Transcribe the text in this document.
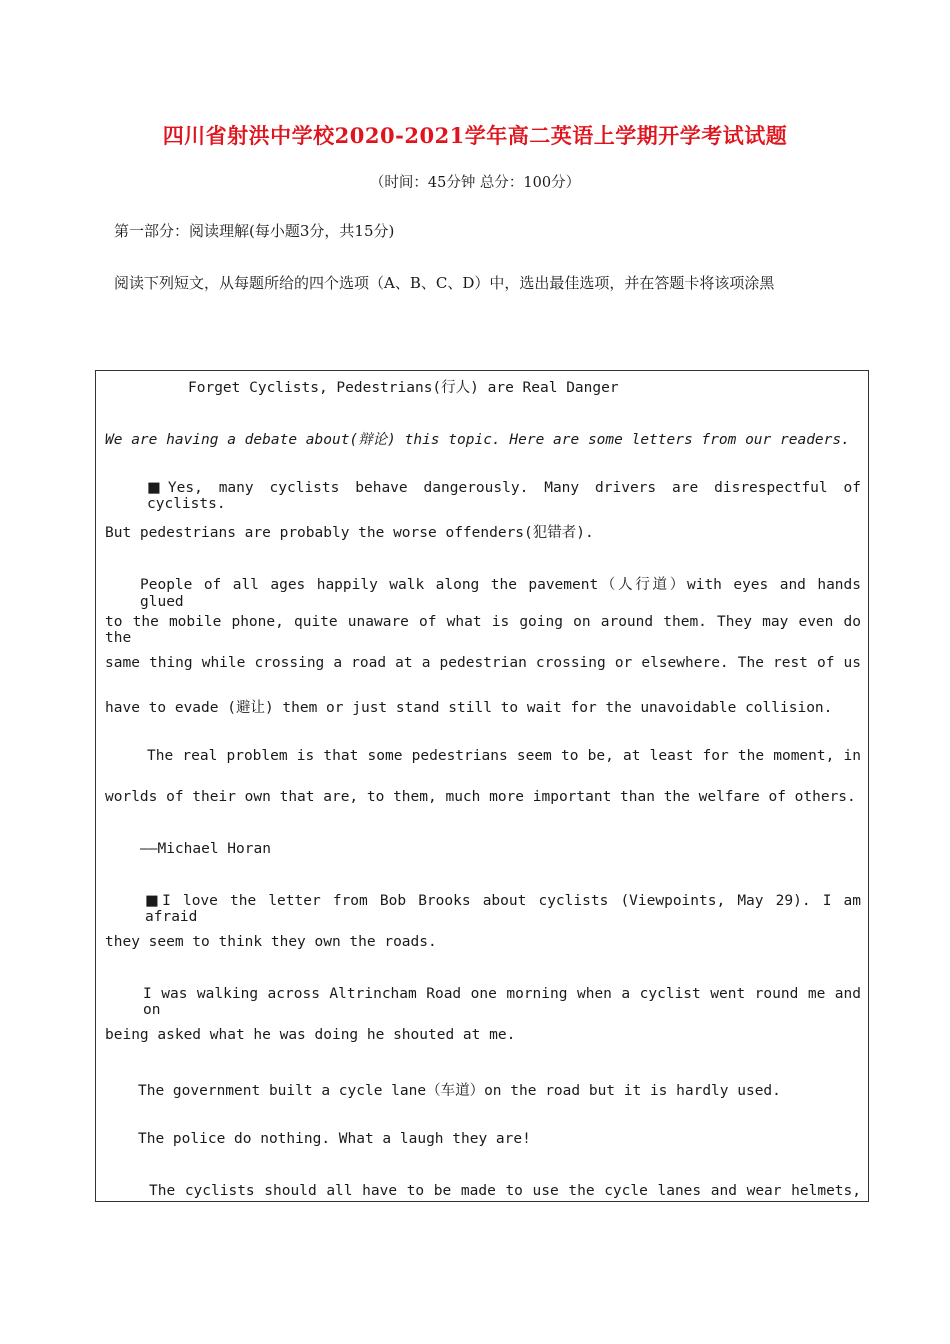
四川省射洪中学校2020-2021学年高二英语上学期开学考试试题
（时间：45分钟 总分：100分）
第一部分：阅读理解(每小题3分，共15分)
阅读下列短文，从每题所给的四个选项（A、B、C、D）中，选出最佳选项，并在答题卡将该项涂黑
Forget Cyclists, Pedestrians(行人) are Real Danger
We are having a debate about(辩论) this topic. Here are some letters from our readers.
■Yes, many cyclists behave dangerously. Many drivers are disrespectful of cyclists.
But pedestrians are probably the worse offenders(犯错者).
People of all ages happily walk along the pavement（人行道）with eyes and hands glued
to the mobile phone, quite unaware of what is going on around them. They may even do the
same thing while crossing a road at a pedestrian crossing or elsewhere. The rest of us
have to evade (避让) them or just stand still to wait for the unavoidable collision.
The real problem is that some pedestrians seem to be, at least for the moment, in
worlds of their own that are, to them, much more important than the welfare of others.
——Michael Horan
■I love the letter from Bob Brooks about cyclists (Viewpoints, May 29). I am afraid
they seem to think they own the roads.
I was walking across Altrincham Road one morning when a cyclist went round me and on
being asked what he was doing he shouted at me.
The government built a cycle lane（车道）on the road but it is hardly used.
The police do nothing. What a laugh they are!
The cyclists should all have to be made to use the cycle lanes and wear helmets,
